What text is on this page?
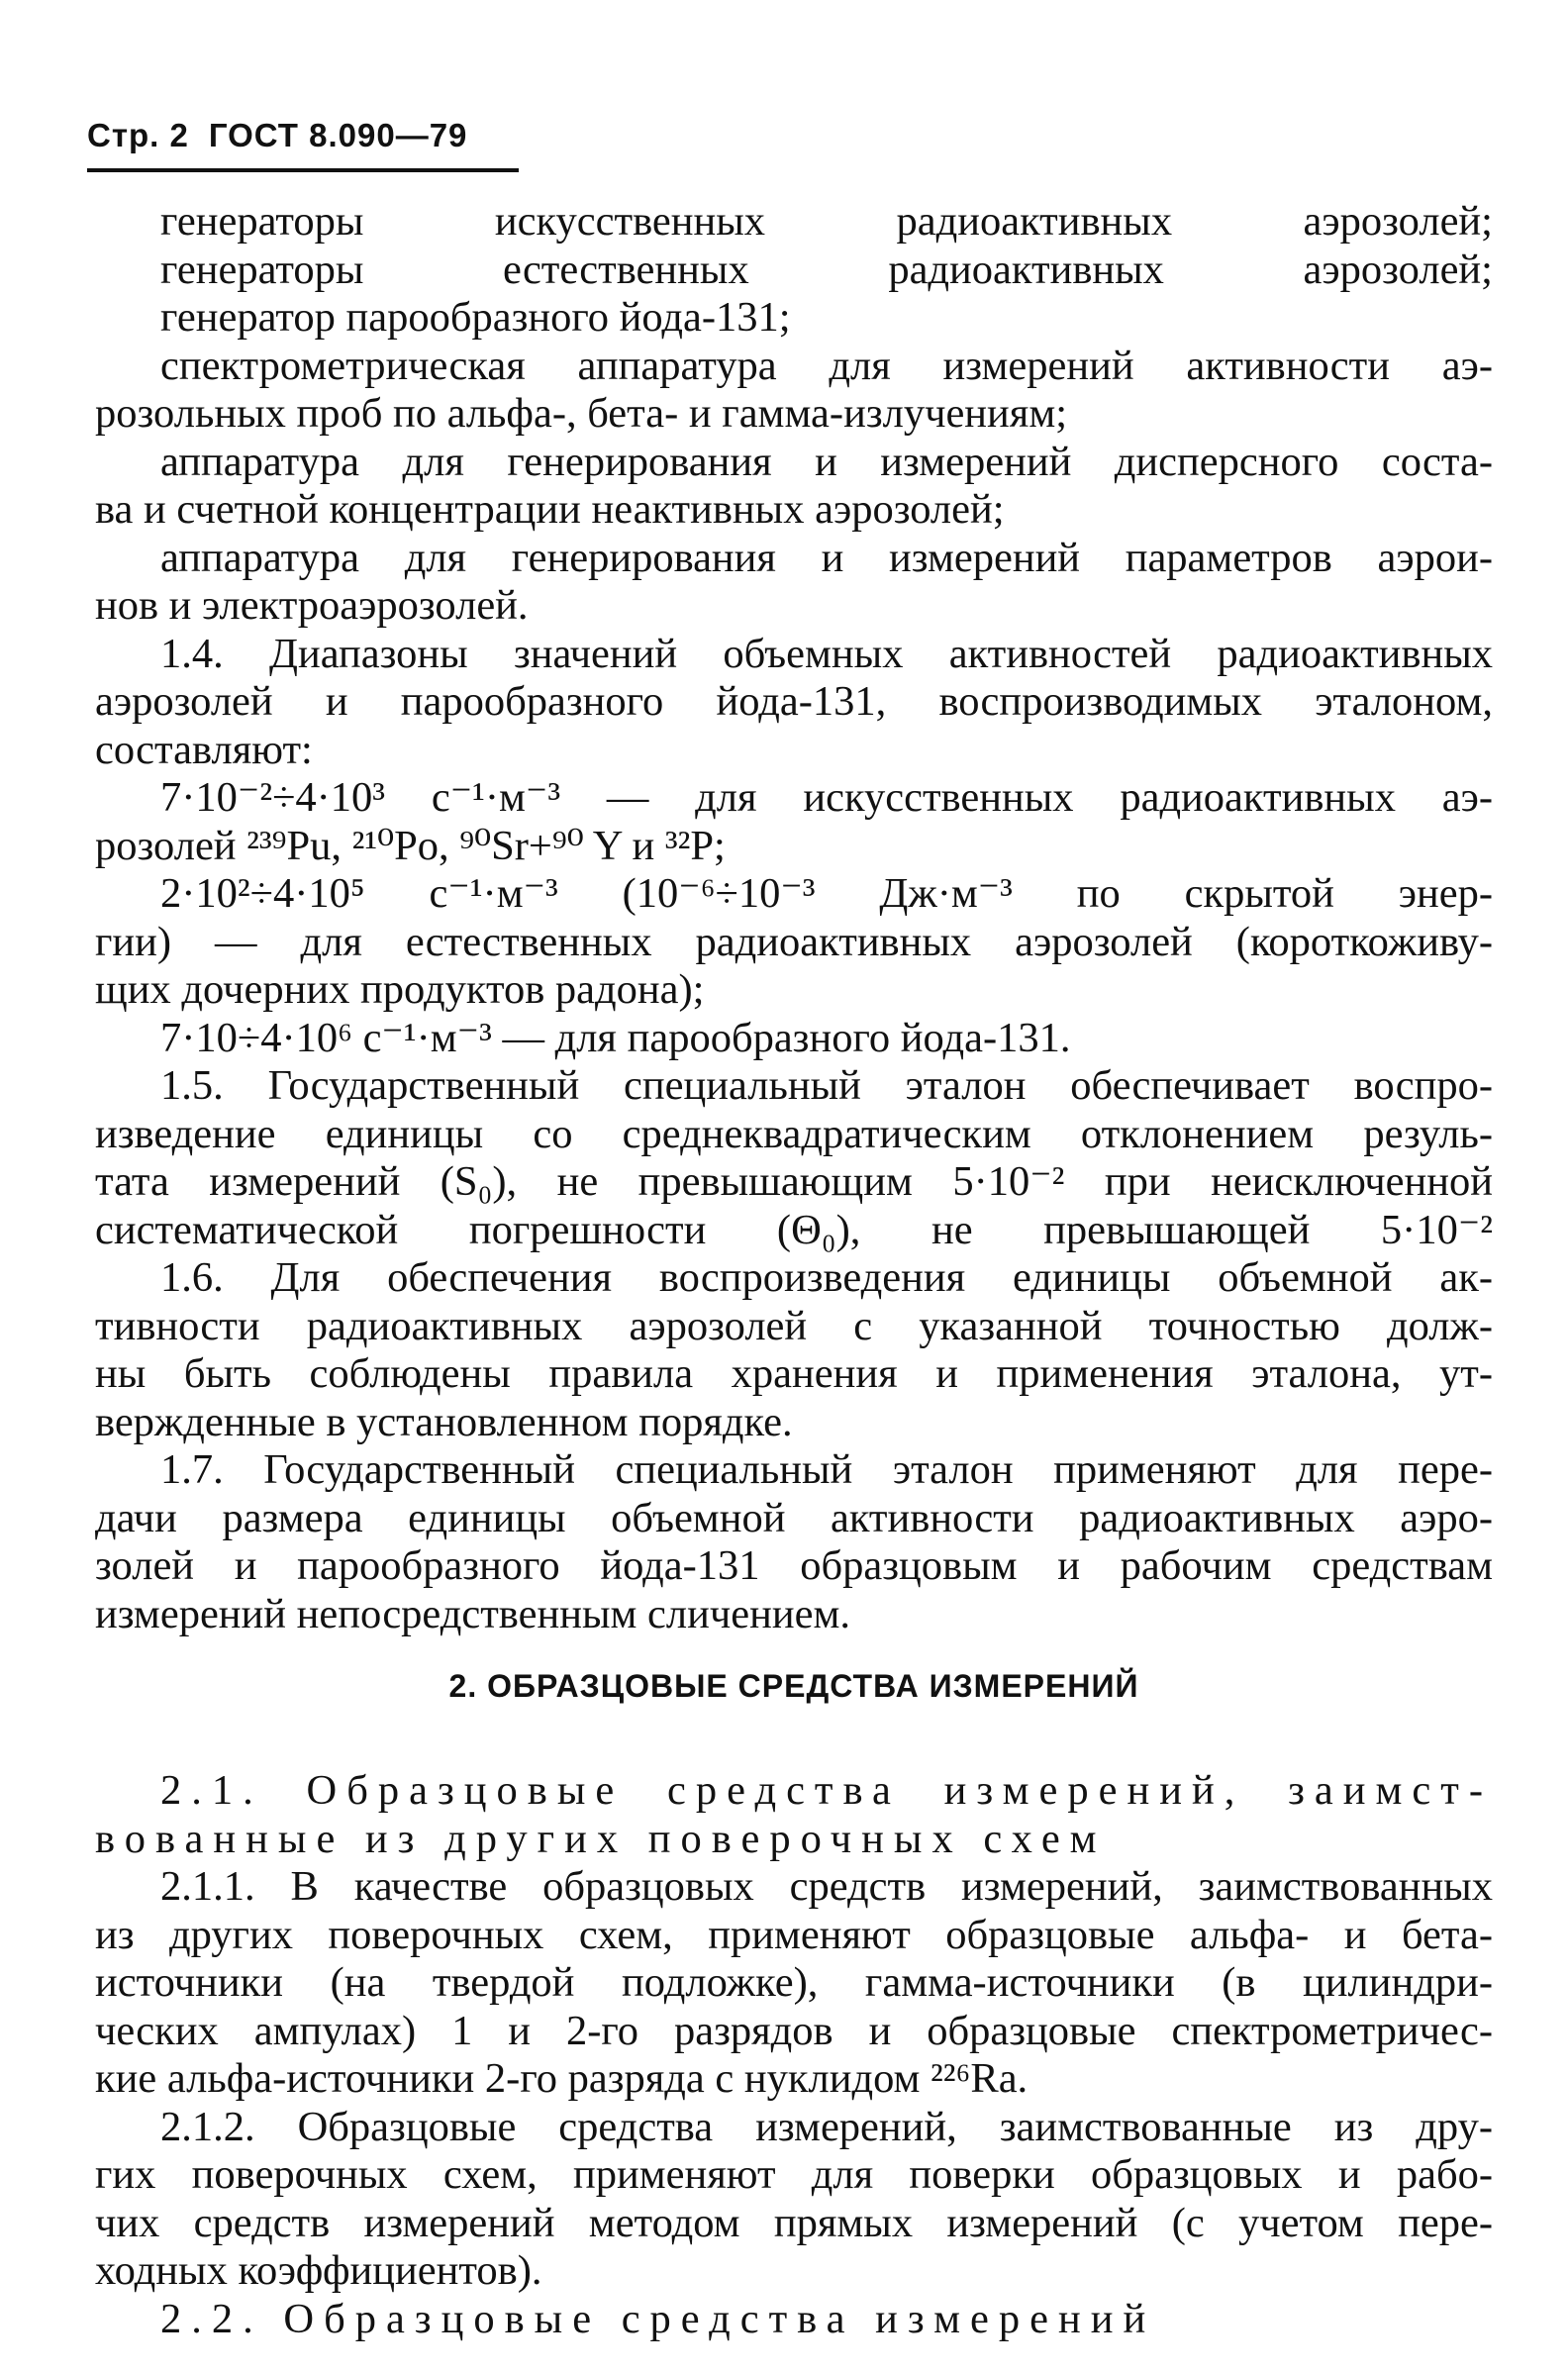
Стр. 2 ГОСТ 8.090—79
генераторы искусственных радиоактивных аэрозолей;
генераторы естественных радиоактивных аэрозолей;
генератор парообразного йода-131;
спектрометрическая аппаратура для измерений активности аэ-
розольных проб по альфа-, бета- и гамма-излучениям;
аппаратура для генерирования и измерений дисперсного соста-
ва и счетной концентрации неактивных аэрозолей;
аппаратура для генерирования и измерений параметров аэрои-
нов и электроаэрозолей.
1.4. Диапазоны значений объемных активностей радиоактивных
аэрозолей и парообразного йода-131, воспроизводимых эталоном,
составляют:
7·10⁻²÷4·10³ с⁻¹·м⁻³ — для искусственных радиоактивных аэ-
розолей ²³⁹Pu, ²¹⁰Po, ⁹⁰Sr+⁹⁰ Y и ³²P;
2·10²÷4·10⁵ с⁻¹·м⁻³ (10⁻⁶÷10⁻³ Дж·м⁻³ по скрытой энер-
гии) — для естественных радиоактивных аэрозолей (короткоживу-
щих дочерних продуктов радона);
7·10÷4·10⁶ с⁻¹·м⁻³ — для парообразного йода-131.
1.5. Государственный специальный эталон обеспечивает воспро-
изведение единицы со среднеквадратическим отклонением резуль-
тата измерений (S₀), не превышающим 5·10⁻² при неисключенной
систематической погрешности (Θ₀), не превышающей 5·10⁻²
1.6. Для обеспечения воспроизведения единицы объемной ак-
тивности радиоактивных аэрозолей с указанной точностью долж-
ны быть соблюдены правила хранения и применения эталона, ут-
вержденные в установленном порядке.
1.7. Государственный специальный эталон применяют для пере-
дачи размера единицы объемной активности радиоактивных аэро-
золей и парообразного йода-131 образцовым и рабочим средствам
измерений непосредственным сличением.
2. ОБРАЗЦОВЫЕ СРЕДСТВА ИЗМЕРЕНИЙ
2.1. Образцовые средства измерений, заимст-
вованные из других поверочных схем
2.1.1. В качестве образцовых средств измерений, заимствованных
из других поверочных схем, применяют образцовые альфа- и бета-
источники (на твердой подложке), гамма-источники (в цилиндри-
ческих ампулах) 1 и 2-го разрядов и образцовые спектрометричес-
кие альфа-источники 2-го разряда с нуклидом ²²⁶Ra.
2.1.2. Образцовые средства измерений, заимствованные из дру-
гих поверочных схем, применяют для поверки образцовых и рабо-
чих средств измерений методом прямых измерений (с учетом пере-
ходных коэффициентов).
2.2. Образцовые средства измерений
